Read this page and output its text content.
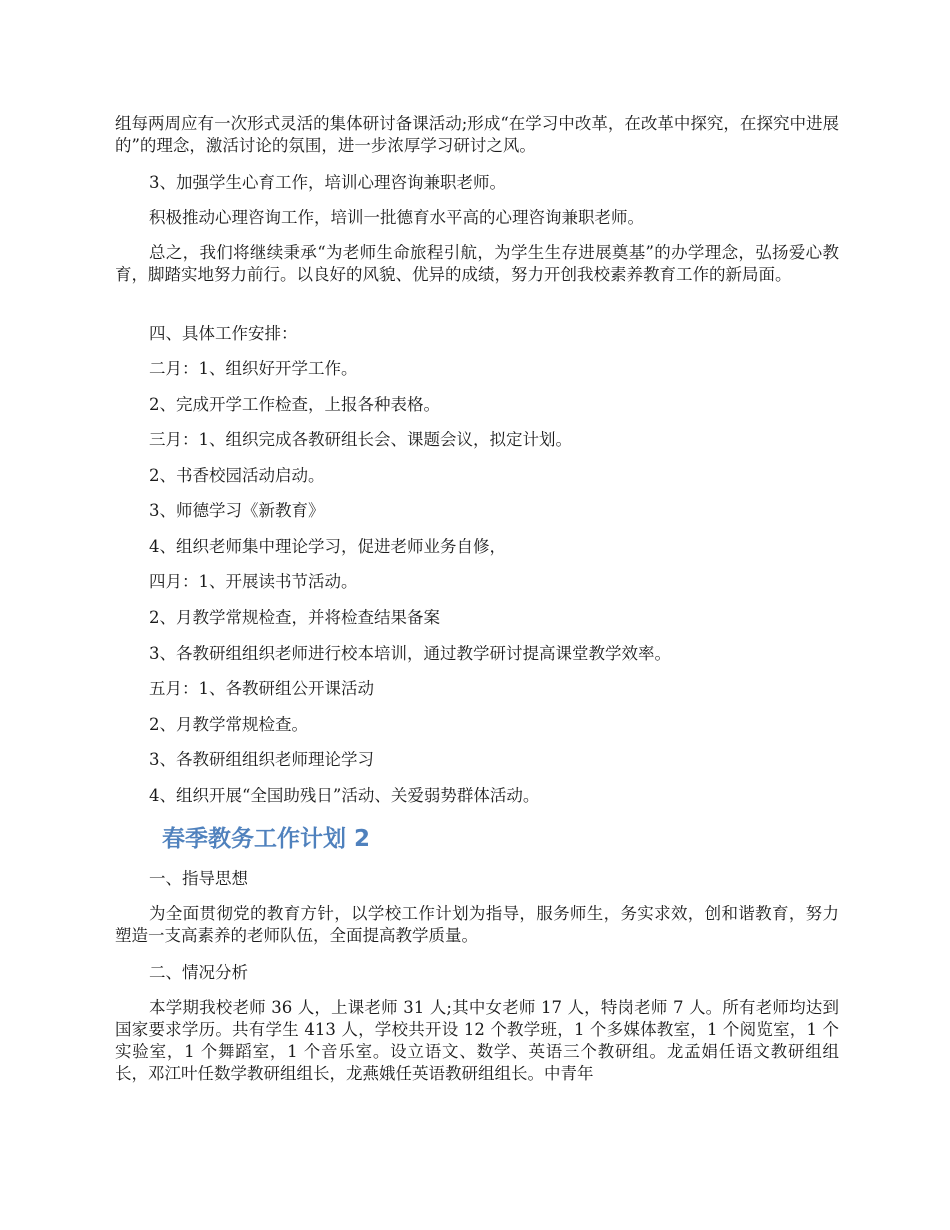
组每两周应有一次形式灵活的集体研讨备课活动;形成“在学习中改革，在改革中探究，在探究中进展的”的理念，激活讨论的氛围，进一步浓厚学习研讨之风。

3、加强学生心育工作，培训心理咨询兼职老师。

积极推动心理咨询工作，培训一批德育水平高的心理咨询兼职老师。

总之，我们将继续秉承“为老师生命旅程引航，为学生生存进展奠基”的办学理念，弘扬爱心教育，脚踏实地努力前行。以良好的风貌、优异的成绩，努力开创我校素养教育工作的新局面。

四、具体工作安排：

二月：1、组织好开学工作。

2、完成开学工作检查，上报各种表格。

三月：1、组织完成各教研组长会、课题会议，拟定计划。

2、书香校园活动启动。

3、师德学习《新教育》

4、组织老师集中理论学习，促进老师业务自修，

四月：1、开展读书节活动。

2、月教学常规检查，并将检查结果备案

3、各教研组组织老师进行校本培训，通过教学研讨提高课堂教学效率。

五月：1、各教研组公开课活动

2、月教学常规检查。

3、各教研组组织老师理论学习

4、组织开展“全国助残日”活动、关爱弱势群体活动。

春季教务工作计划 2

一、指导思想

为全面贯彻党的教育方针，以学校工作计划为指导，服务师生，务实求效，创和谐教育，努力塑造一支高素养的老师队伍，全面提高教学质量。

二、情况分析

本学期我校老师 36 人，上课老师 31 人;其中女老师 17 人，特岗老师 7 人。所有老师均达到国家要求学历。共有学生 413 人，学校共开设 12 个教学班，1 个多媒体教室，1 个阅览室，1 个实验室，1 个舞蹈室，1 个音乐室。设立语文、数学、英语三个教研组。龙孟娟任语文教研组组长，邓江叶任数学教研组组长，龙燕娥任英语教研组组长。中青年
